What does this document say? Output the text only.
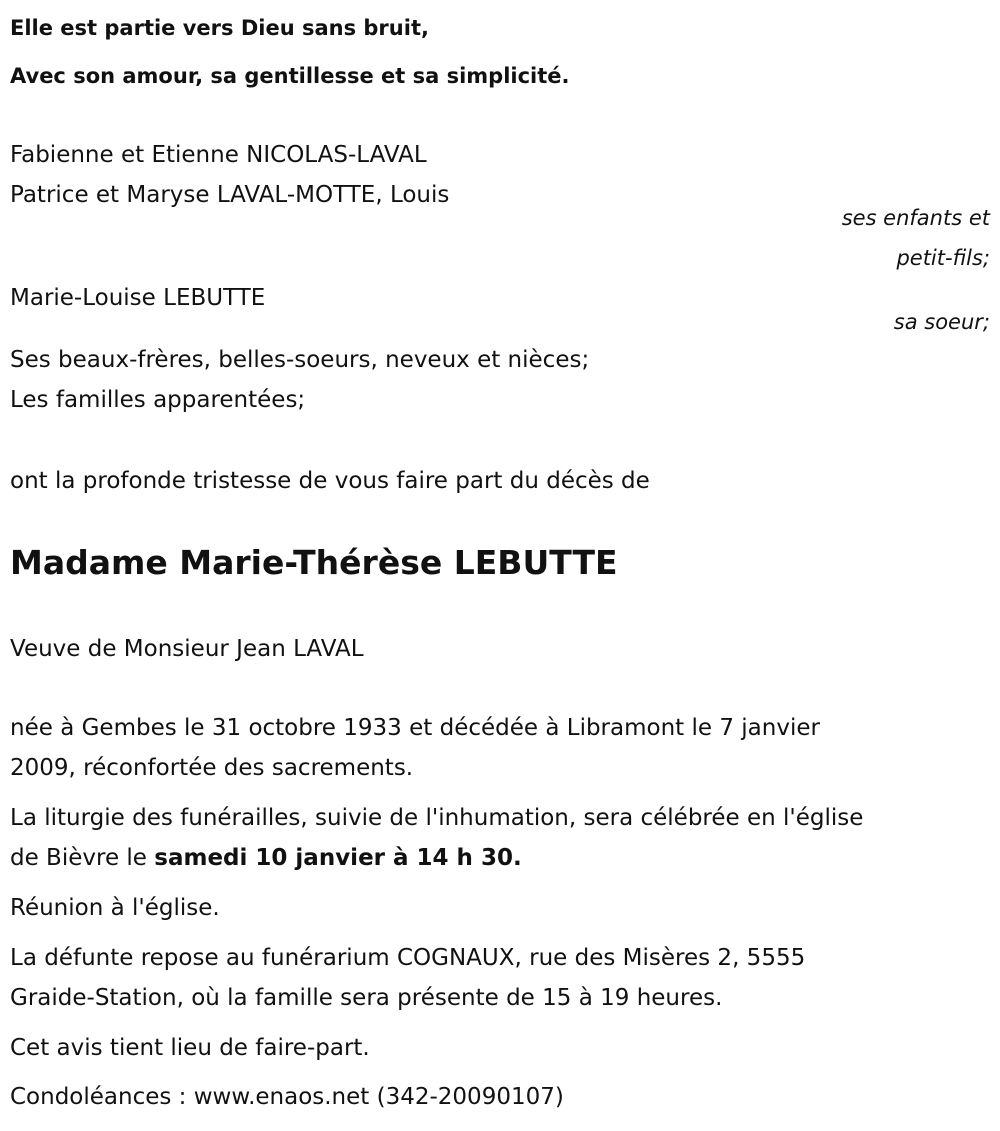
Elle est partie vers Dieu sans bruit,
Avec son amour, sa gentillesse et sa simplicité.
Fabienne et Etienne NICOLAS-LAVAL
Patrice et Maryse LAVAL-MOTTE, Louis
ses enfants et
petit-fils;
Marie-Louise LEBUTTE
sa soeur;
Ses beaux-frères, belles-soeurs, neveux et nièces;
Les familles apparentées;
ont la profonde tristesse de vous faire part du décès de
Madame Marie-Thérèse LEBUTTE
Veuve de Monsieur Jean LAVAL
née à Gembes le 31 octobre 1933 et décédée à Libramont le 7 janvier
2009, réconfortée des sacrements.
La liturgie des funérailles, suivie de l'inhumation, sera célébrée en l'église
de Bièvre le samedi 10 janvier à 14 h 30.
Réunion à l'église.
La défunte repose au funérarium COGNAUX, rue des Misères 2, 5555
Graide-Station, où la famille sera présente de 15 à 19 heures.
Cet avis tient lieu de faire-part.
Condoléances : www.enaos.net (342-20090107)
